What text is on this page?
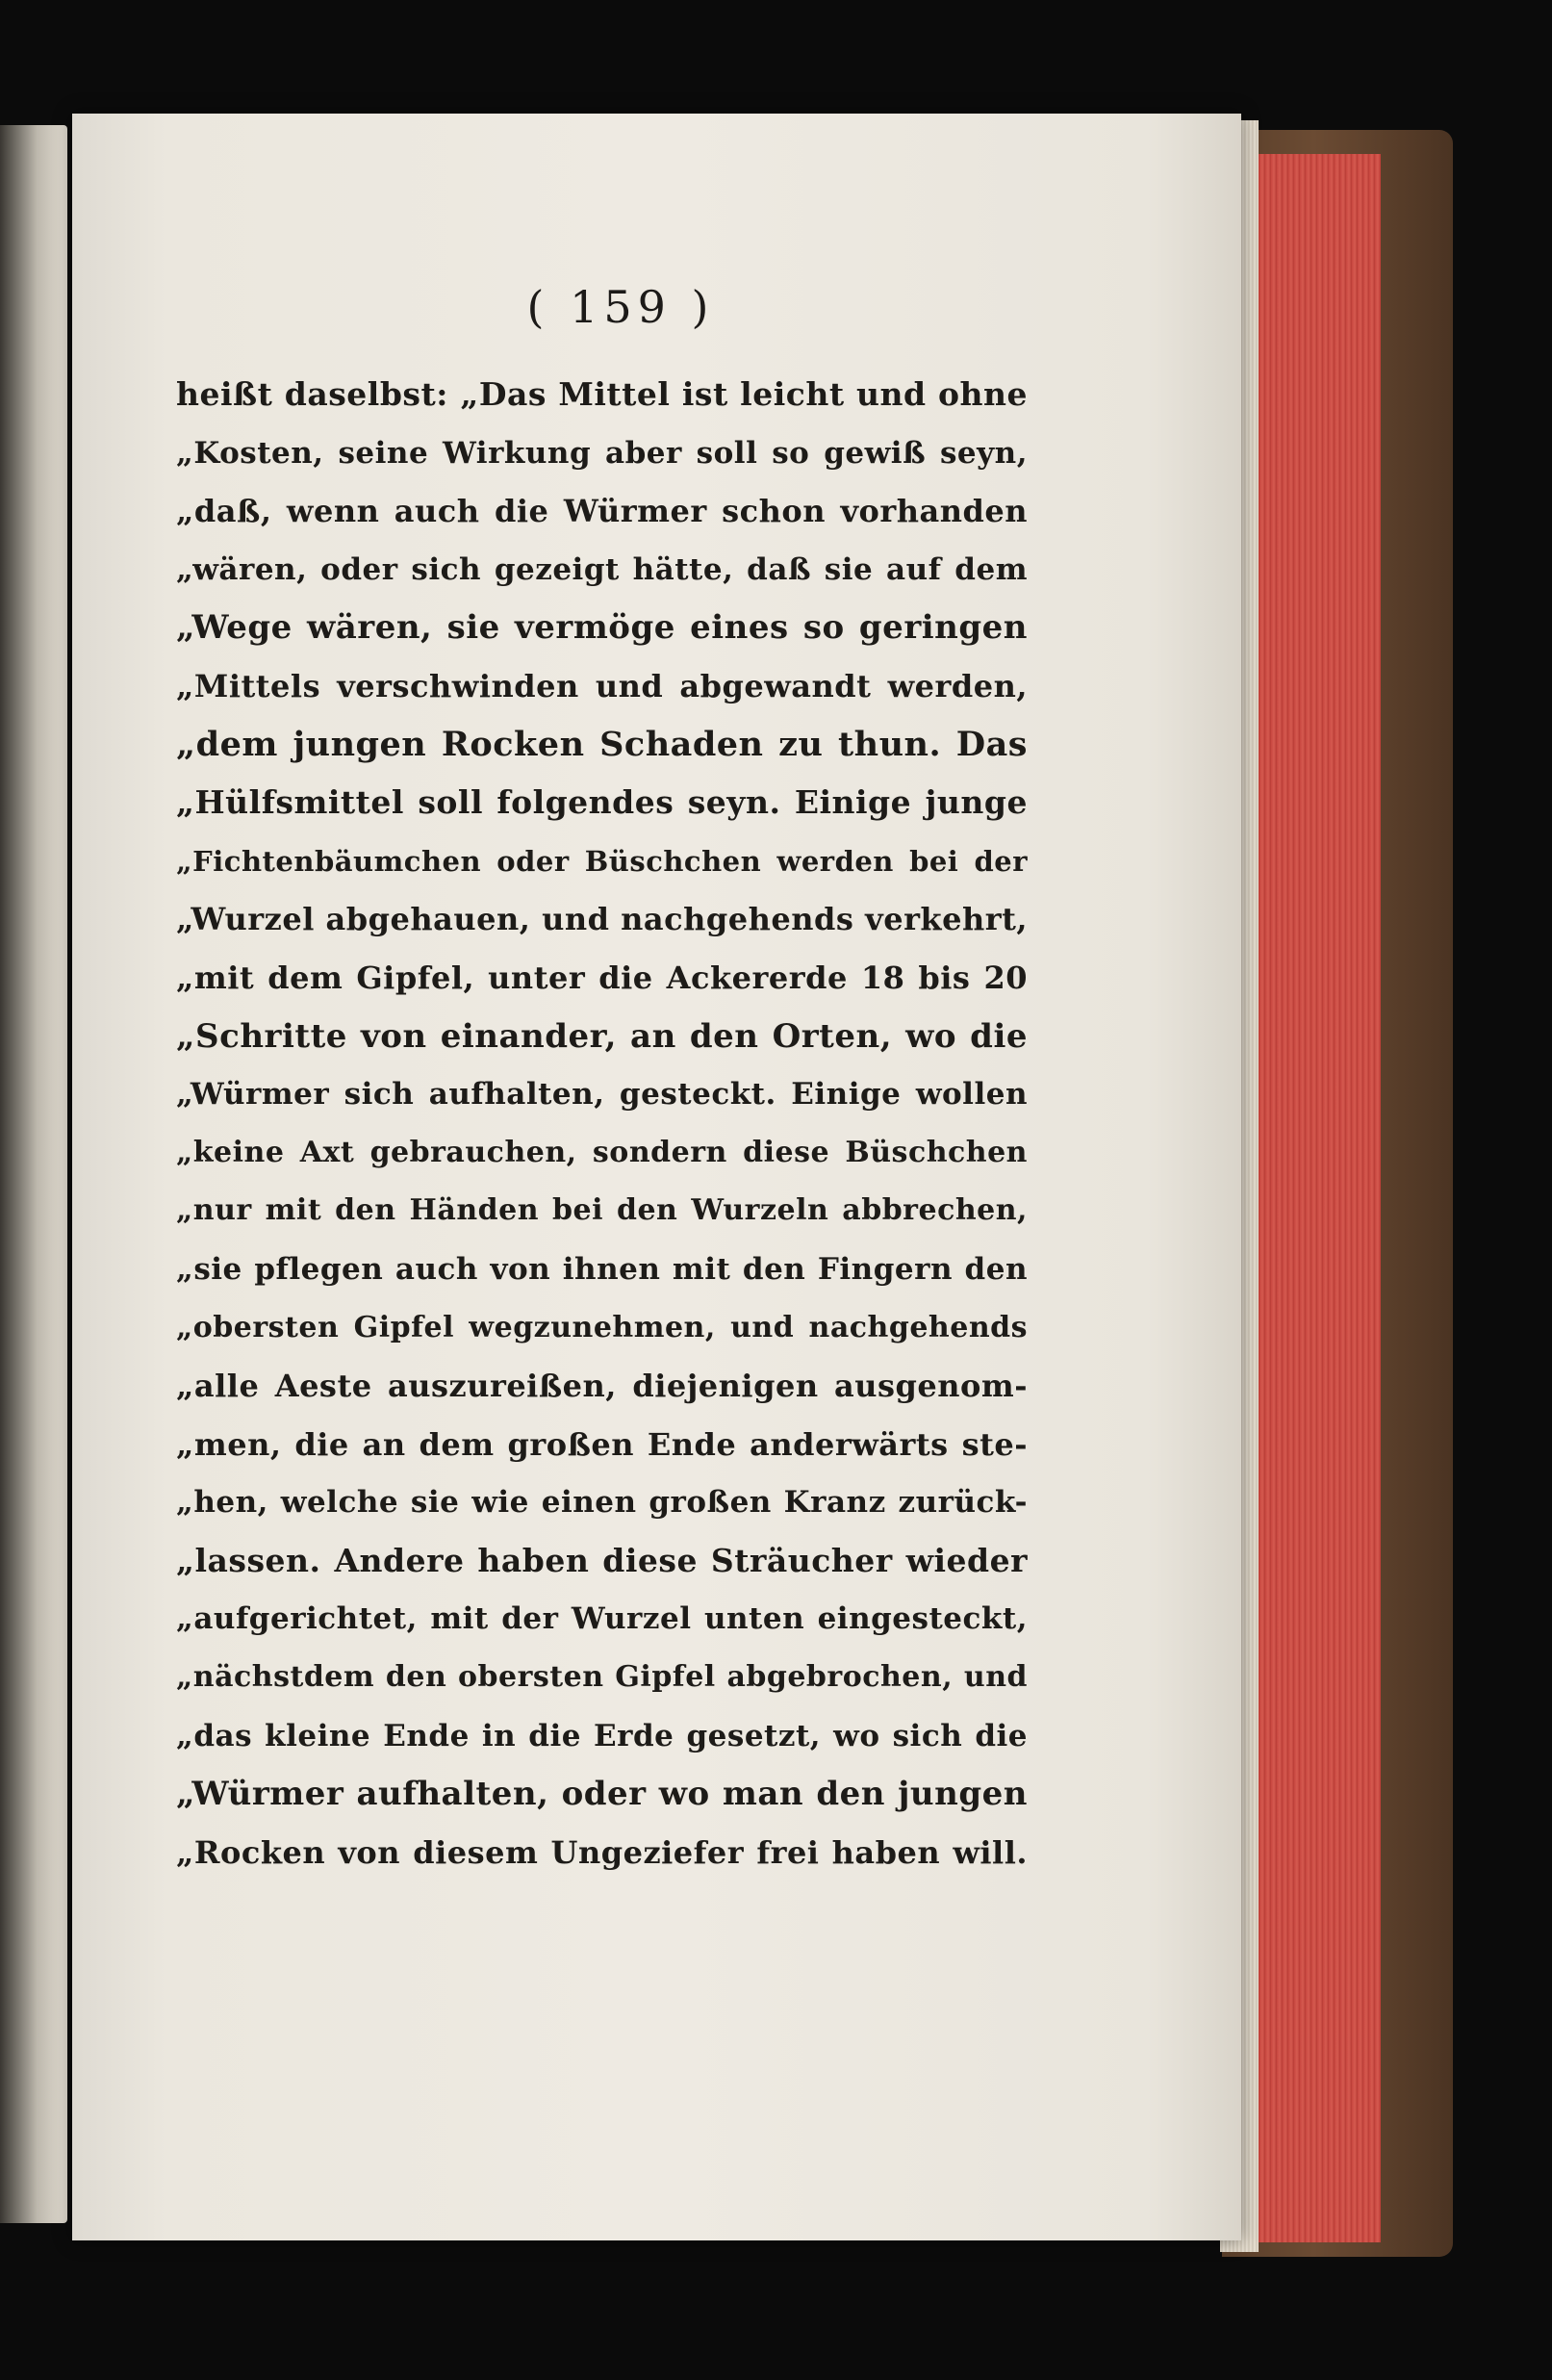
( 159 )
heißt daselbst: „Das Mittel ist leicht und ohne
„Kosten, seine Wirkung aber soll so gewiß seyn,
„daß, wenn auch die Würmer schon vorhanden
„wären, oder sich gezeigt hätte, daß sie auf dem
„Wege wären, sie vermöge eines so geringen
„Mittels verschwinden und abgewandt werden,
„dem jungen Rocken Schaden zu thun. Das
„Hülfsmittel soll folgendes seyn. Einige junge
„Fichtenbäumchen oder Büschchen werden bei der
„Wurzel abgehauen, und nachgehends verkehrt,
„mit dem Gipfel, unter die Ackererde 18 bis 20
„Schritte von einander, an den Orten, wo die
„Würmer sich aufhalten, gesteckt. Einige wollen
„keine Axt gebrauchen, sondern diese Büschchen
„nur mit den Händen bei den Wurzeln abbrechen,
„sie pflegen auch von ihnen mit den Fingern den
„obersten Gipfel wegzunehmen, und nachgehends
„alle Aeste auszureißen, diejenigen ausgenom-
„men, die an dem großen Ende anderwärts ste-
„hen, welche sie wie einen großen Kranz zurück-
„lassen. Andere haben diese Sträucher wieder
„aufgerichtet, mit der Wurzel unten eingesteckt,
„nächstdem den obersten Gipfel abgebrochen, und
„das kleine Ende in die Erde gesetzt, wo sich die
„Würmer aufhalten, oder wo man den jungen
„Rocken von diesem Ungeziefer frei haben will.
